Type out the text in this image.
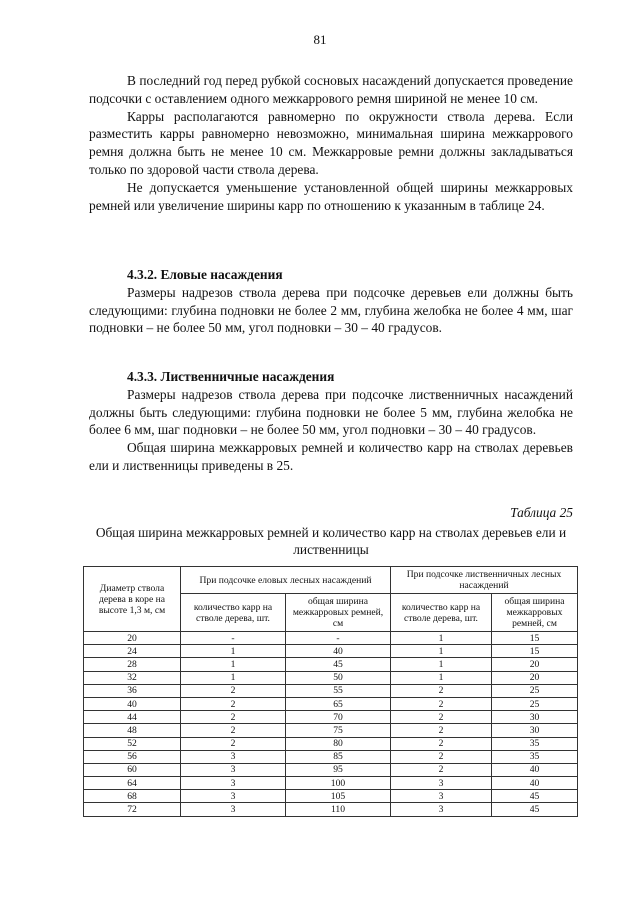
81

В последний год перед рубкой сосновых насаждений допускается проведение подсочки с оставлением одного межкаррового ремня шириной не менее 10 см.

Карры располагаются равномерно по окружности ствола дерева. Если разместить карры равномерно невозможно, минимальная ширина межкаррового ремня должна быть не менее 10 см. Межкарровые ремни должны закладываться только по здоровой части ствола дерева.

Не допускается уменьшение установленной общей ширины межкарровых ремней или увеличение ширины карр по отношению к указанным в таблице 24.

4.3.2. Еловые насаждения

Размеры надрезов ствола дерева при подсочке деревьев ели должны быть следующими: глубина подновки не более 2 мм, глубина желобка не более 4 мм, шаг подновки – не более 50 мм, угол подновки – 30 – 40 градусов.

4.3.3. Лиственничные насаждения

Размеры надрезов ствола дерева при подсочке лиственничных насаждений должны быть следующими: глубина подновки не более 5 мм, глубина желобка не более 6 мм, шаг подновки – не более 50 мм, угол подновки – 30 – 40 градусов.

Общая ширина межкарровых ремней и количество карр на стволах деревьев ели и лиственницы приведены в 25.

Таблица 25
Общая ширина межкарровых ремней и количество карр на стволах деревьев ели и лиственницы
Диаметр ствола дерева в коре на высоте 1,3 м, см	При подсочке еловых лесных насаждений		При подсочке лиственничных лесных насаждений	
	количество карр на стволе дерева, шт.	общая ширина межкарровых ремней, см	количество карр на стволе дерева, шт.	общая ширина межкарровых ремней, см
20	-	-	1	15
24	1	40	1	15
28	1	45	1	20
32	1	50	1	20
36	2	55	2	25
40	2	65	2	25
44	2	70	2	30
48	2	75	2	30
52	2	80	2	35
56	3	85	2	35
60	3	95	2	40
64	3	100	3	40
68	3	105	3	45
72	3	110	3	45
